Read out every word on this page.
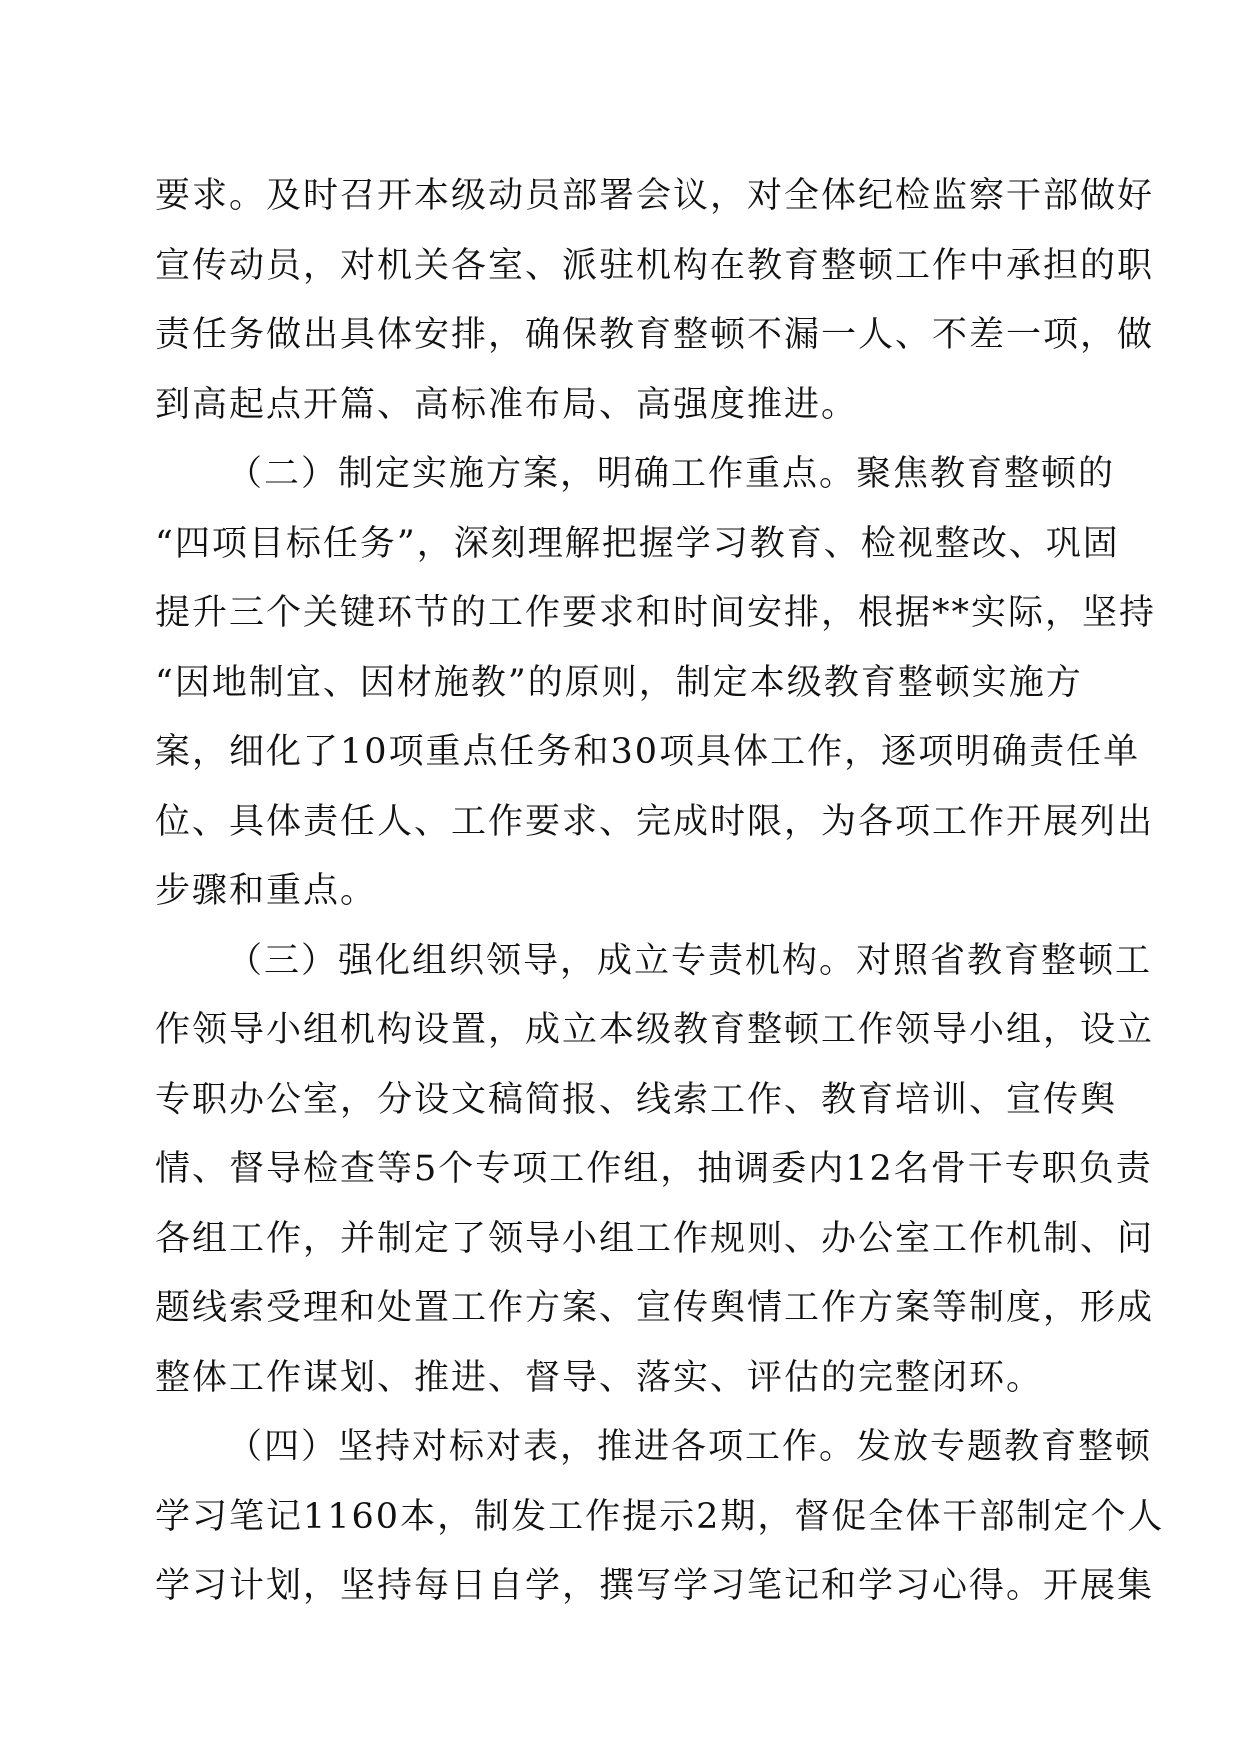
要求。及时召开本级动员部署会议，对全体纪检监察干部做好
宣传动员，对机关各室、派驻机构在教育整顿工作中承担的职
责任务做出具体安排，确保教育整顿不漏一人、不差一项，做
到高起点开篇、高标准布局、高强度推进。
（二）制定实施方案，明确工作重点。聚焦教育整顿的
“四项目标任务”，深刻理解把握学习教育、检视整改、巩固
提升三个关键环节的工作要求和时间安排，根据**实际，坚持
“因地制宜、因材施教”的原则，制定本级教育整顿实施方
案，细化了10项重点任务和30项具体工作，逐项明确责任单
位、具体责任人、工作要求、完成时限，为各项工作开展列出
步骤和重点。
（三）强化组织领导，成立专责机构。对照省教育整顿工
作领导小组机构设置，成立本级教育整顿工作领导小组，设立
专职办公室，分设文稿简报、线索工作、教育培训、宣传舆
情、督导检查等5个专项工作组，抽调委内12名骨干专职负责
各组工作，并制定了领导小组工作规则、办公室工作机制、问
题线索受理和处置工作方案、宣传舆情工作方案等制度，形成
整体工作谋划、推进、督导、落实、评估的完整闭环。
（四）坚持对标对表，推进各项工作。发放专题教育整顿
学习笔记1160本，制发工作提示2期，督促全体干部制定个人
学习计划，坚持每日自学，撰写学习笔记和学习心得。开展集
